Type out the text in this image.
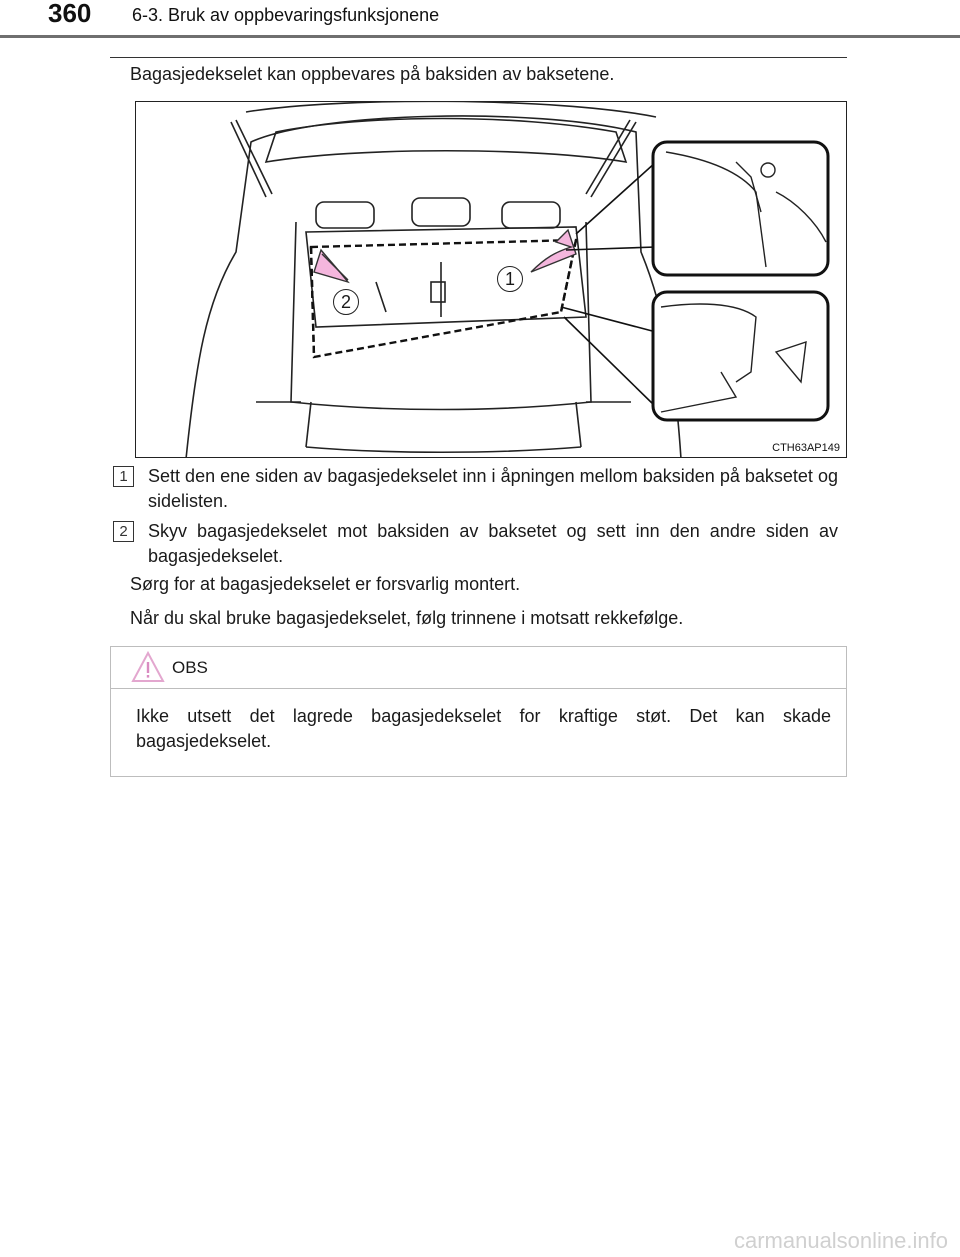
360 6-3. Bruk av oppbevaringsfunksjonene
Bagasjedekselet kan oppbevares på baksiden av baksetene.
CTH63AP149
1
2
1	Sett den ene siden av bagasjedekselet inn i åpningen mellom baksiden på baksetet og sidelisten.
2	Skyv bagasjedekselet mot baksiden av baksetet og sett inn den andre siden av bagasjedekselet.
Sørg for at bagasjedekselet er forsvarlig montert.
Når du skal bruke bagasjedekselet, følg trinnene i motsatt rekkefølge.
OBS
Ikke utsett det lagrede bagasjedekselet for kraftige støt. Det kan skade bagasjedekselet.
carmanualsonline.info
